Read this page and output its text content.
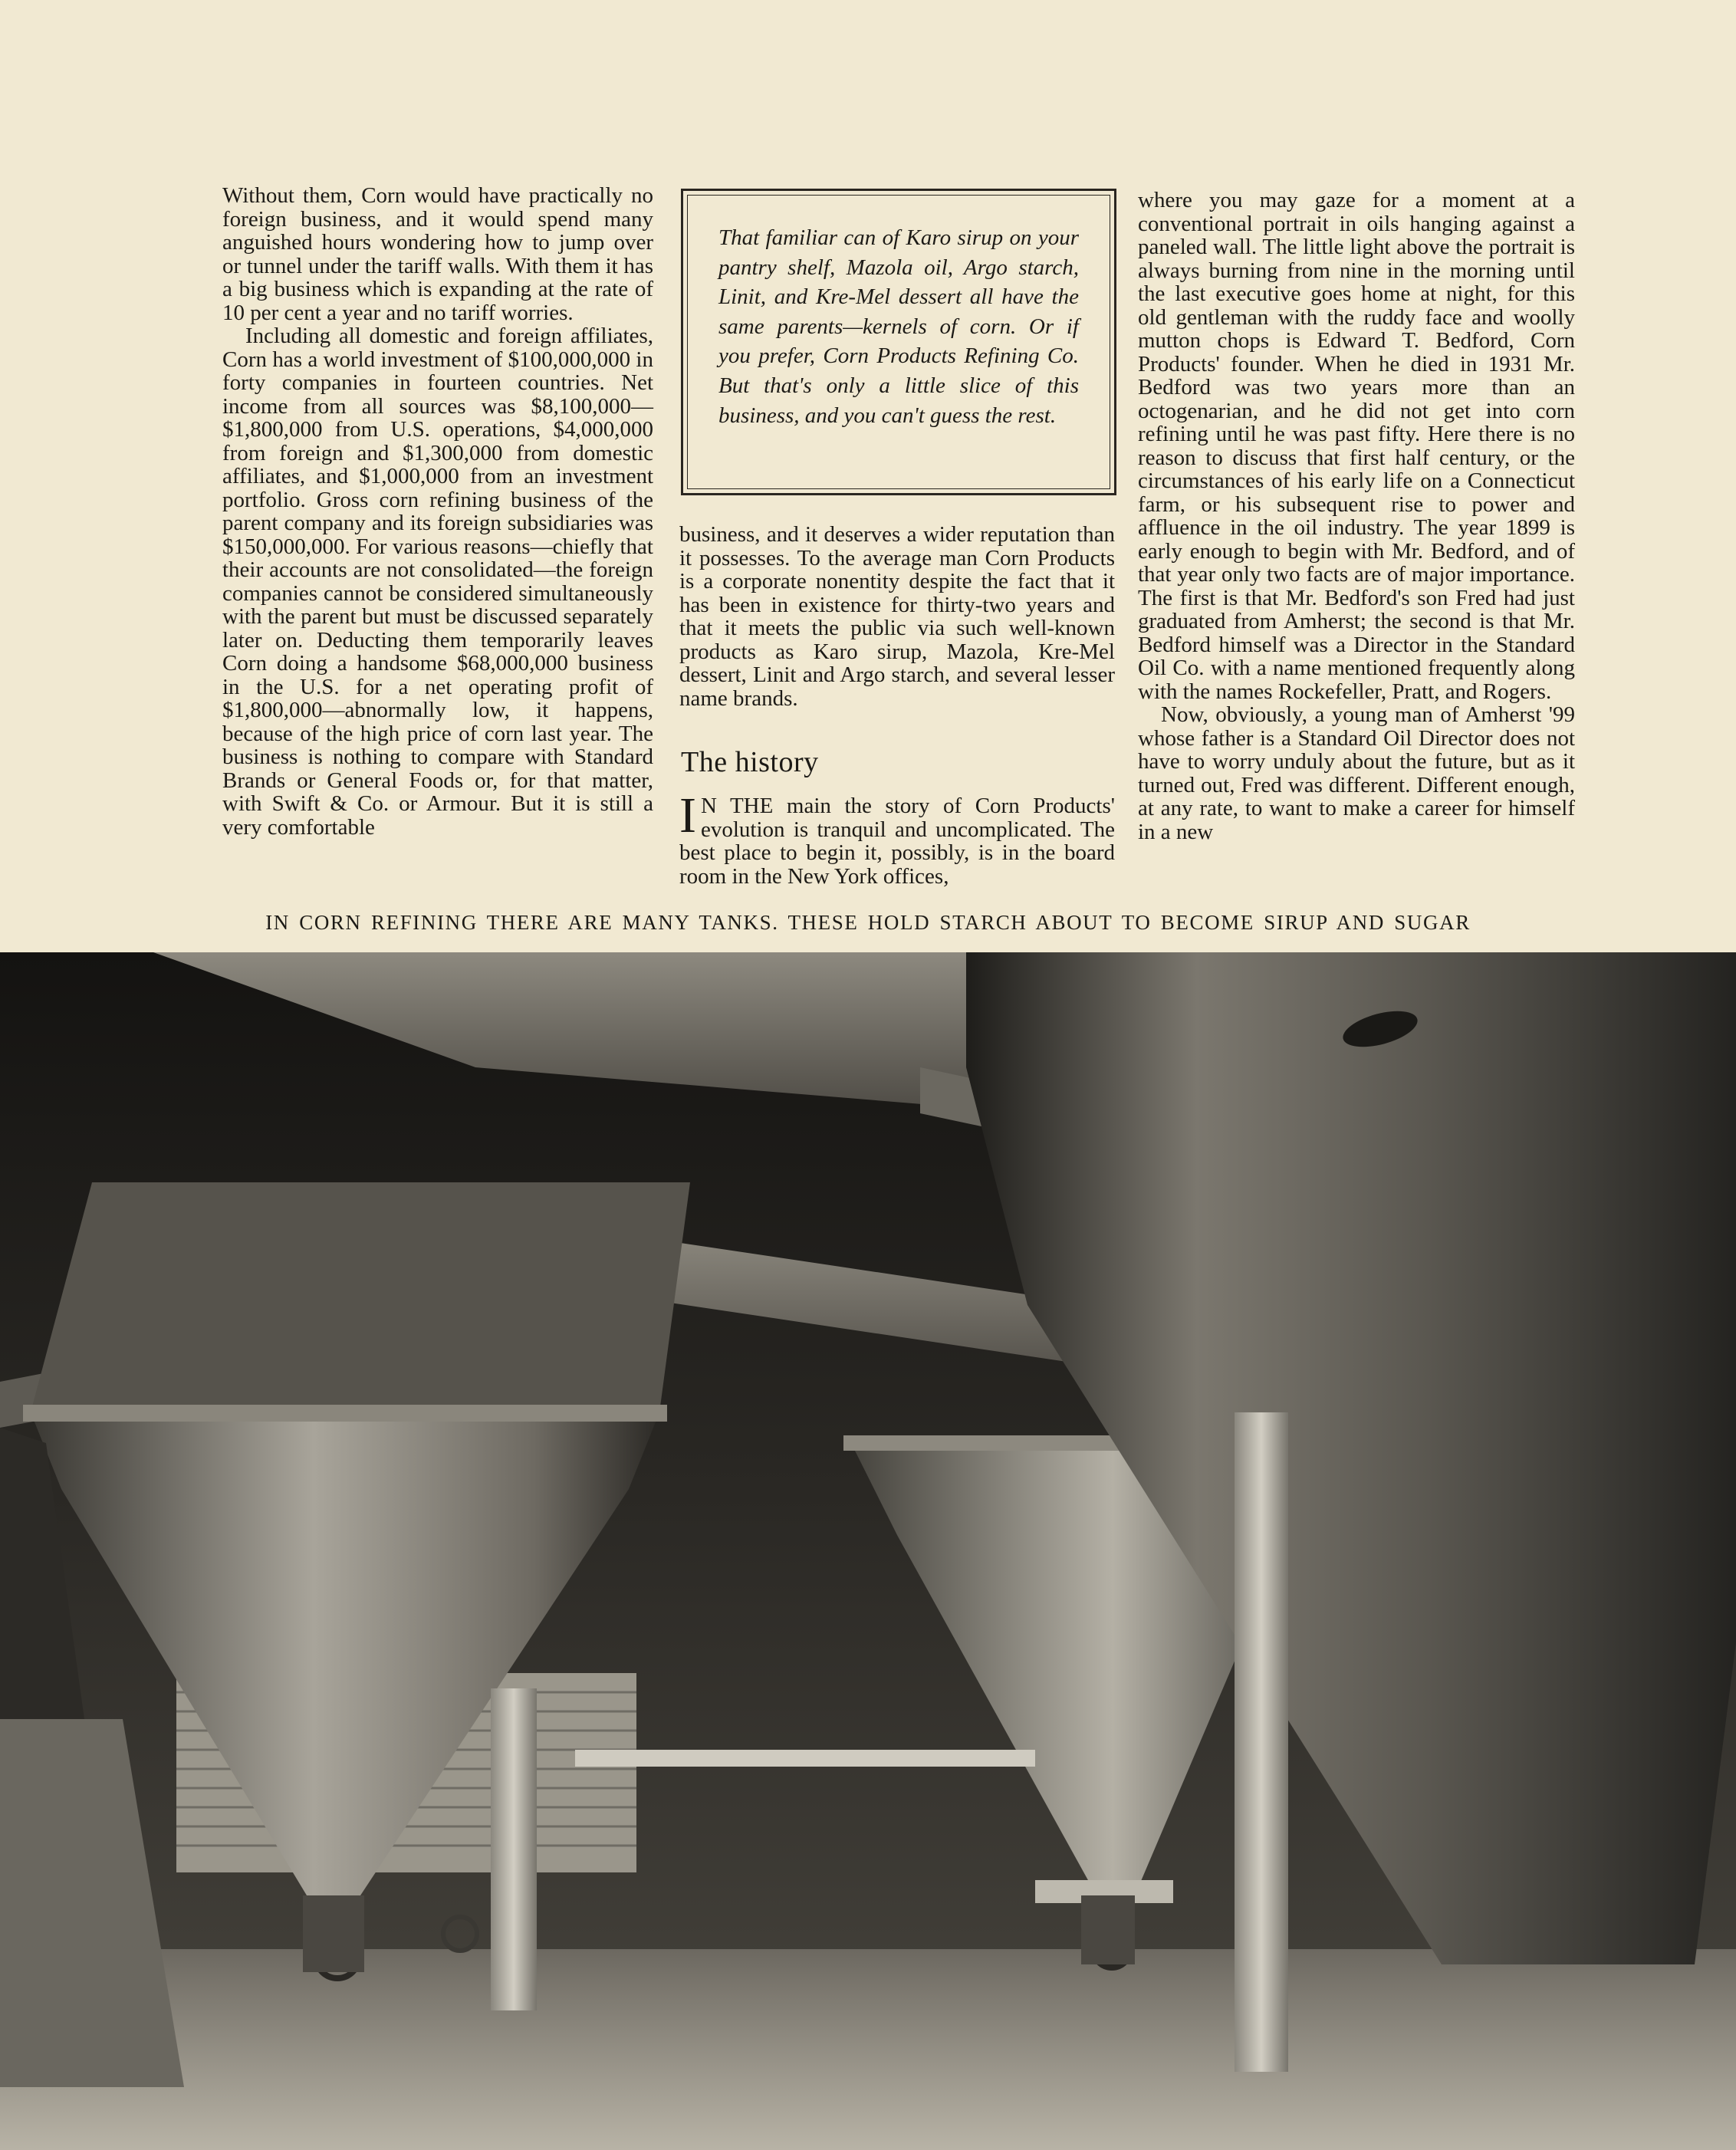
Without them, Corn would have practically no foreign business, and it would spend many anguished hours wondering how to jump over or tunnel under the tariff walls. With them it has a big business which is expanding at the rate of 10 per cent a year and no tariff worries.

Including all domestic and foreign affiliates, Corn has a world investment of $100,000,000 in forty companies in fourteen countries. Net income from all sources was $8,100,000—$1,800,000 from U.S. operations, $4,000,000 from foreign and $1,300,000 from domestic affiliates, and $1,000,000 from an investment portfolio. Gross corn refining business of the parent company and its foreign subsidiaries was $150,000,000. For various reasons—chiefly that their accounts are not consolidated—the foreign companies cannot be considered simultaneously with the parent but must be discussed separately later on. Deducting them temporarily leaves Corn doing a handsome $68,000,000 business in the U.S. for a net operating profit of $1,800,000—abnormally low, it happens, because of the high price of corn last year. The business is nothing to compare with Standard Brands or General Foods or, for that matter, with Swift & Co. or Armour. But it is still a very comfortable

That familiar can of Karo sirup on your pantry shelf, Mazola oil, Argo starch, Linit, and Kre-Mel dessert all have the same parents—kernels of corn. Or if you prefer, Corn Products Refining Co. But that's only a little slice of this business, and you can't guess the rest.

business, and it deserves a wider reputation than it possesses. To the average man Corn Products is a corporate nonentity despite the fact that it has been in existence for thirty-two years and that it meets the public via such well-known products as Karo sirup, Mazola, Kre-Mel dessert, Linit and Argo starch, and several lesser name brands.

The history
I N THE main the story of Corn Products' evolution is tranquil and uncomplicated. The best place to begin it, possibly, is in the board room in the New York offices,

where you may gaze for a moment at a conventional portrait in oils hanging against a paneled wall. The little light above the portrait is always burning from nine in the morning until the last executive goes home at night, for this old gentleman with the ruddy face and woolly mutton chops is Edward T. Bedford, Corn Products' founder. When he died in 1931 Mr. Bedford was two years more than an octogenarian, and he did not get into corn refining until he was past fifty. Here there is no reason to discuss that first half century, or the circumstances of his early life on a Connecticut farm, or his subsequent rise to power and affluence in the oil industry. The year 1899 is early enough to begin with Mr. Bedford, and of that year only two facts are of major importance. The first is that Mr. Bedford's son Fred had just graduated from Amherst; the second is that Mr. Bedford himself was a Director in the Standard Oil Co. with a name mentioned frequently along with the names Rockefeller, Pratt, and Rogers.

Now, obviously, a young man of Amherst '99 whose father is a Standard Oil Director does not have to worry unduly about the future, but as it turned out, Fred was different. Different enough, at any rate, to want to make a career for himself in a new

IN CORN REFINING THERE ARE MANY TANKS. THESE HOLD STARCH ABOUT TO BECOME SIRUP AND SUGAR
